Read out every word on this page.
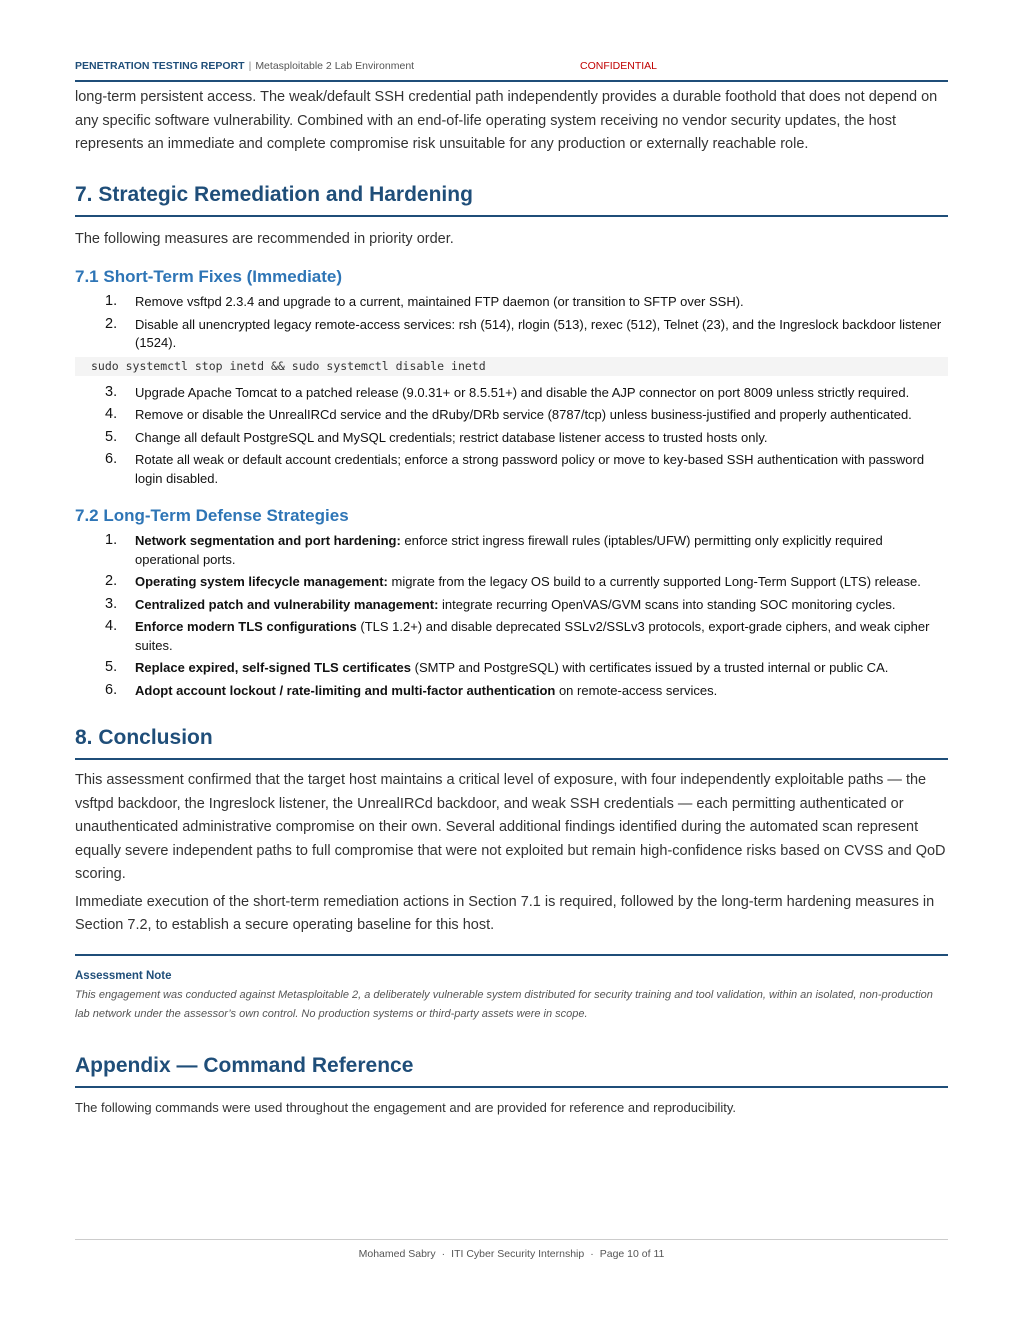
PENETRATION TESTING REPORT | Metasploitable 2 Lab Environment	CONFIDENTIAL

long-term persistent access. The weak/default SSH credential path independently provides a durable foothold that does not depend on any specific software vulnerability. Combined with an end-of-life operating system receiving no vendor security updates, the host represents an immediate and complete compromise risk unsuitable for any production or externally reachable role.

7. Strategic Remediation and Hardening

The following measures are recommended in priority order.

7.1 Short-Term Fixes (Immediate)
1. Remove vsftpd 2.3.4 and upgrade to a current, maintained FTP daemon (or transition to SFTP over SSH).
2. Disable all unencrypted legacy remote-access services: rsh (514), rlogin (513), rexec (512), Telnet (23), and the Ingreslock backdoor listener (1524).
sudo systemctl stop inetd && sudo systemctl disable inetd
3. Upgrade Apache Tomcat to a patched release (9.0.31+ or 8.5.51+) and disable the AJP connector on port 8009 unless strictly required.
4. Remove or disable the UnrealIRCd service and the dRuby/DRb service (8787/tcp) unless business-justified and properly authenticated.
5. Change all default PostgreSQL and MySQL credentials; restrict database listener access to trusted hosts only.
6. Rotate all weak or default account credentials; enforce a strong password policy or move to key-based SSH authentication with password login disabled.
7.2 Long-Term Defense Strategies
1. Network segmentation and port hardening: enforce strict ingress firewall rules (iptables/UFW) permitting only explicitly required operational ports.
2. Operating system lifecycle management: migrate from the legacy OS build to a currently supported Long-Term Support (LTS) release.
3. Centralized patch and vulnerability management: integrate recurring OpenVAS/GVM scans into standing SOC monitoring cycles.
4. Enforce modern TLS configurations (TLS 1.2+) and disable deprecated SSLv2/SSLv3 protocols, export-grade ciphers, and weak cipher suites.
5. Replace expired, self-signed TLS certificates (SMTP and PostgreSQL) with certificates issued by a trusted internal or public CA.
6. Adopt account lockout / rate-limiting and multi-factor authentication on remote-access services.
8. Conclusion

This assessment confirmed that the target host maintains a critical level of exposure, with four independently exploitable paths — the vsftpd backdoor, the Ingreslock listener, the UnrealIRCd backdoor, and weak SSH credentials — each permitting authenticated or unauthenticated administrative compromise on their own. Several additional findings identified during the automated scan represent equally severe independent paths to full compromise that were not exploited but remain high-confidence risks based on CVSS and QoD scoring.

Immediate execution of the short-term remediation actions in Section 7.1 is required, followed by the long-term hardening measures in Section 7.2, to establish a secure operating baseline for this host.

Assessment Note
This engagement was conducted against Metasploitable 2, a deliberately vulnerable system distributed for security training and tool validation, within an isolated, non-production lab network under the assessor’s own control. No production systems or third-party assets were in scope.
Appendix — Command Reference

The following commands were used throughout the engagement and are provided for reference and reproducibility.

Mohamed Sabry · ITI Cyber Security Internship · Page 10 of 11
